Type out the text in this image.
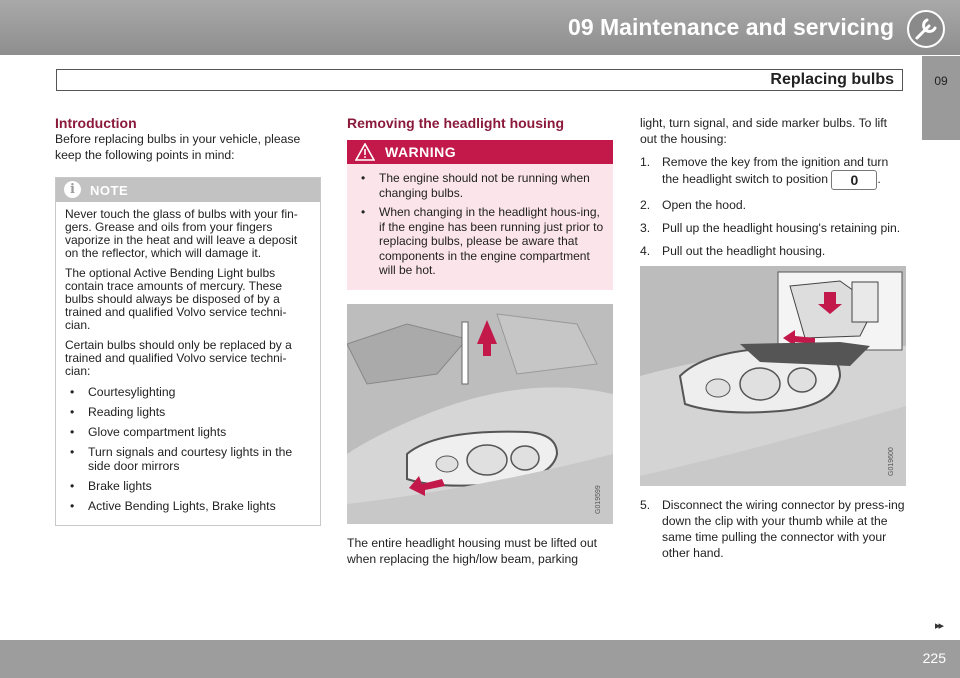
09 Maintenance and servicing
09
Replacing bulbs
Introduction

Before replacing bulbs in your vehicle, please keep the following points in mind:

i	NOTE

Never touch the glass of bulbs with your fin-gers. Grease and oils from your fingers vaporize in the heat and will leave a deposit on the reflector, which will damage it.

The optional Active Bending Light bulbs contain trace amounts of mercury. These bulbs should always be disposed of by a trained and qualified Volvo service techni-cian.

Certain bulbs should only be replaced by a trained and qualified Volvo service techni-cian:

• Courtesylighting
• Reading lights
• Glove compartment lights
• Turn signals and courtesy lights in the side door mirrors
• Brake lights
• Active Bending Lights, Brake lights
Removing the headlight housing
WARNING
• The engine should not be running when changing bulbs.
• When changing in the headlight hous-ing, if the engine has been running just prior to replacing bulbs, please be aware that components in the engine compartment will be hot.
G019599

The entire headlight housing must be lifted out when replacing the high/low beam, parking

light, turn signal, and side marker bulbs. To lift out the housing:

1. Remove the key from the ignition and turn the headlight switch to position 0 .
2. Open the hood.
3. Pull up the headlight housing's retaining pin.
4. Pull out the headlight housing.
G019600
5. Disconnect the wiring connector by press-ing down the clip with your thumb while at the same time pulling the connector with your other hand.
▸▸
225
